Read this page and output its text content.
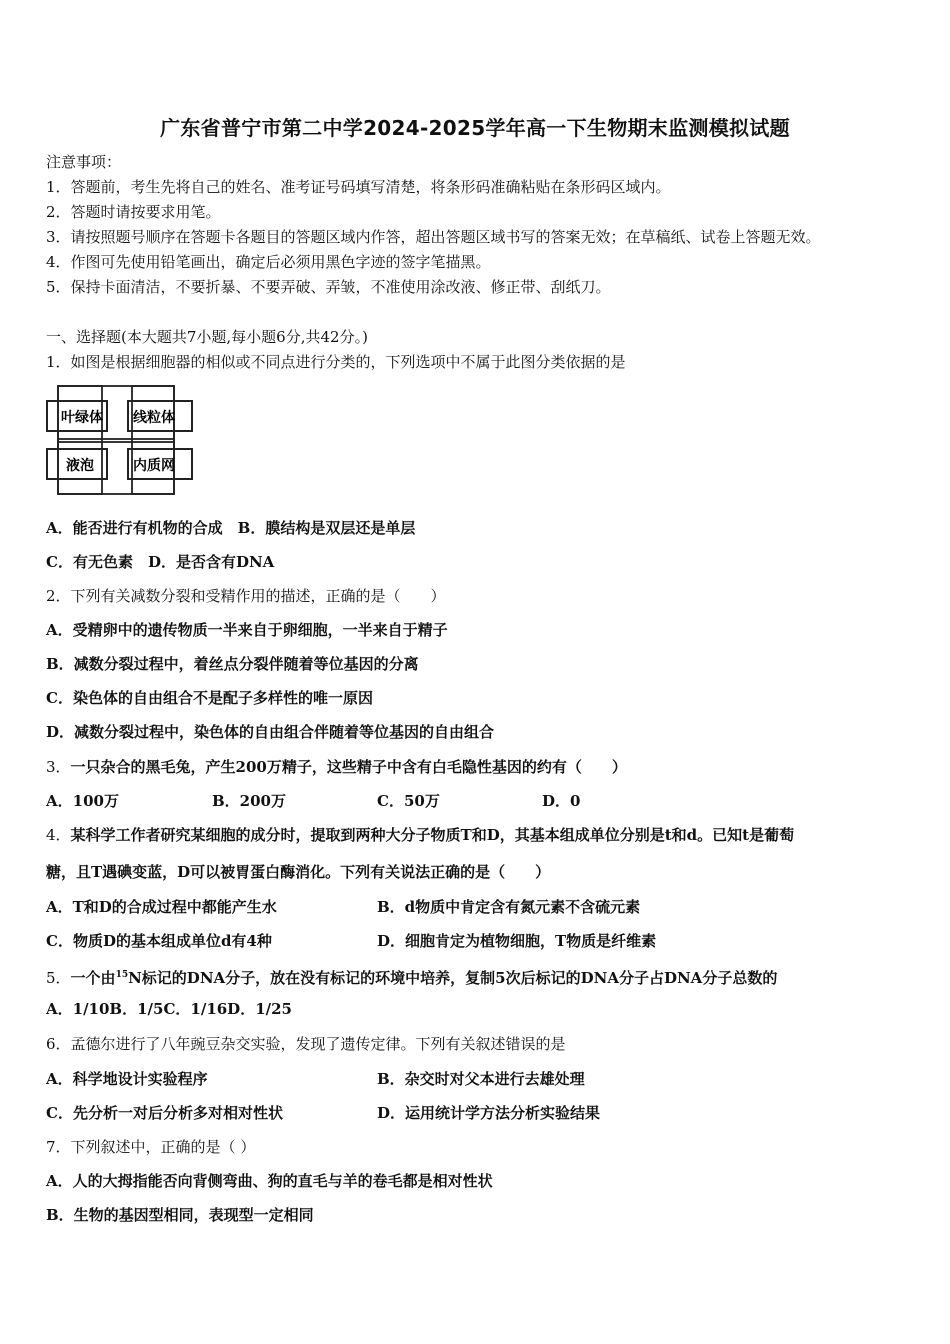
广东省普宁市第二中学2024-2025学年高一下生物期末监测模拟试题
注意事项：
1．答题前，考生先将自己的姓名、准考证号码填写清楚，将条形码准确粘贴在条形码区域内。
2．答题时请按要求用笔。
3．请按照题号顺序在答题卡各题目的答题区域内作答，超出答题区域书写的答案无效；在草稿纸、试卷上答题无效。
4．作图可先使用铅笔画出，确定后必须用黑色字迹的签字笔描黑。
5．保持卡面清洁，不要折暴、不要弄破、弄皱，不准使用涂改液、修正带、刮纸刀。
一、选择题(本大题共7小题,每小题6分,共42分。)
1．如图是根据细胞器的相似或不同点进行分类的，下列选项中不属于此图分类依据的是
叶绿体 线粒体
液泡	内质网
A．能否进行有机物的合成　B．膜结构是双层还是单层
C．有无色素　D．是否含有DNA
2．下列有关减数分裂和受精作用的描述，正确的是（　　）
A．受精卵中的遗传物质一半来自于卵细胞，一半来自于精子
B．减数分裂过程中，着丝点分裂伴随着等位基因的分离
C．染色体的自由组合不是配子多样性的唯一原因
D．减数分裂过程中，染色体的自由组合伴随着等位基因的自由组合
3．一只杂合的黑毛兔，产生200万精子，这些精子中含有白毛隐性基因的约有（　　）
A．100万	B．200万	C．50万	D．0
4．某科学工作者研究某细胞的成分时，提取到两种大分子物质T和D，其基本组成单位分别是t和d。已知t是葡萄
糖，且T遇碘变蓝，D可以被胃蛋白酶消化。下列有关说法正确的是（　　）
A．T和D的合成过程中都能产生水	B．d物质中肯定含有氮元素不含硫元素
C．物质D的基本组成单位d有4种	D．细胞肯定为植物细胞，T物质是纤维素
5．一个由$^{15}$N标记的DNA分子，放在没有标记的环境中培养，复制5次后标记的DNA分子占DNA分子总数的
A．1/10B．1/5C．1/16D．1/25
6．孟德尔进行了八年豌豆杂交实验，发现了遗传定律。下列有关叙述错误的是
A．科学地设计实验程序	B．杂交时对父本进行去雄处理
C．先分析一对后分析多对相对性状	D．运用统计学方法分析实验结果
7．下列叙述中，正确的是（ ）
A．人的大拇指能否向背侧弯曲、狗的直毛与羊的卷毛都是相对性状
B．生物的基因型相同，表现型一定相同
